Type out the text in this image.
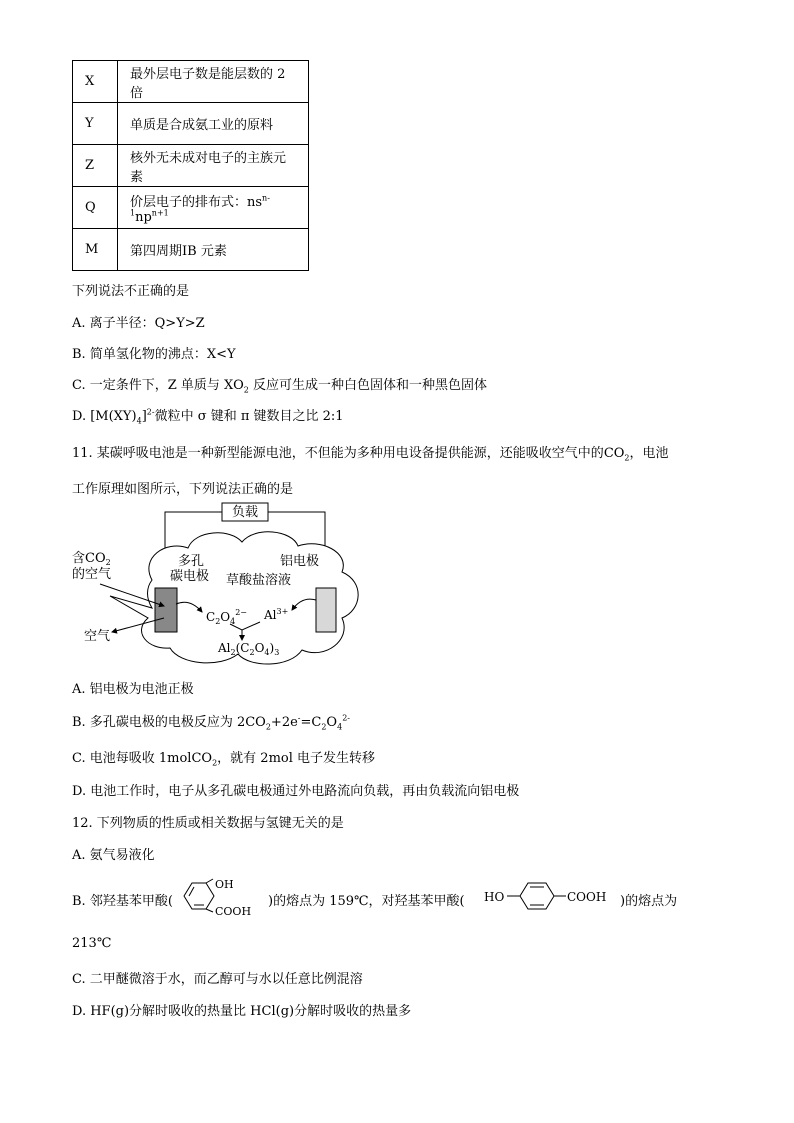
X	最外层电子数是能层数的 2 倍
Y	单质是合成氨工业的原料
Z	核外无未成对电子的主族元素
Q	价层电子的排布式：$ns^{n-1}np^{n+1}$
M	第四周期ⅠB 元素
下列说法不正确的是
A. 离子半径：Q>Y>Z
B. 简单氢化物的沸点：X<Y
C. 一定条件下，Z 单质与 $XO_2$ 反应可生成一种白色固体和一种黑色固体
D. $[M(XY)_4]^{2-}$微粒中 σ 键和 π 键数目之比 2:1
11. 某碳呼吸电池是一种新型能源电池，不但能为多种用电设备提供能源，还能吸收空气中的$CO_2$，电池
工作原理如图所示，下列说法正确的是
负载
含$CO_2$
的空气
多孔
碳电极
铝电极
草酸盐溶液
$C_2O_4^{2-}$ $Al^{3+}$
$Al_2(C_2O_4)_3$
空气
A. 铝电极为电池正极
B. 多孔碳电极的电极反应为 $2CO_2+2e^-=C_2O_4^{2-}$
C. 电池每吸收 1molCO$_2$，就有 2mol 电子发生转移
D. 电池工作时，电子从多孔碳电极通过外电路流向负载，再由负载流向铝电极
12. 下列物质的性质或相关数据与氢键无关的是
A. 氨气易液化
B. 邻羟基苯甲酸(
OH
COOH
)的熔点为 159℃，对羟基苯甲酸( HO	COOH )的熔点为
213℃
C. 二甲醚微溶于水，而乙醇可与水以任意比例混溶
D. HF(g)分解时吸收的热量比 HCl(g)分解时吸收的热量多
